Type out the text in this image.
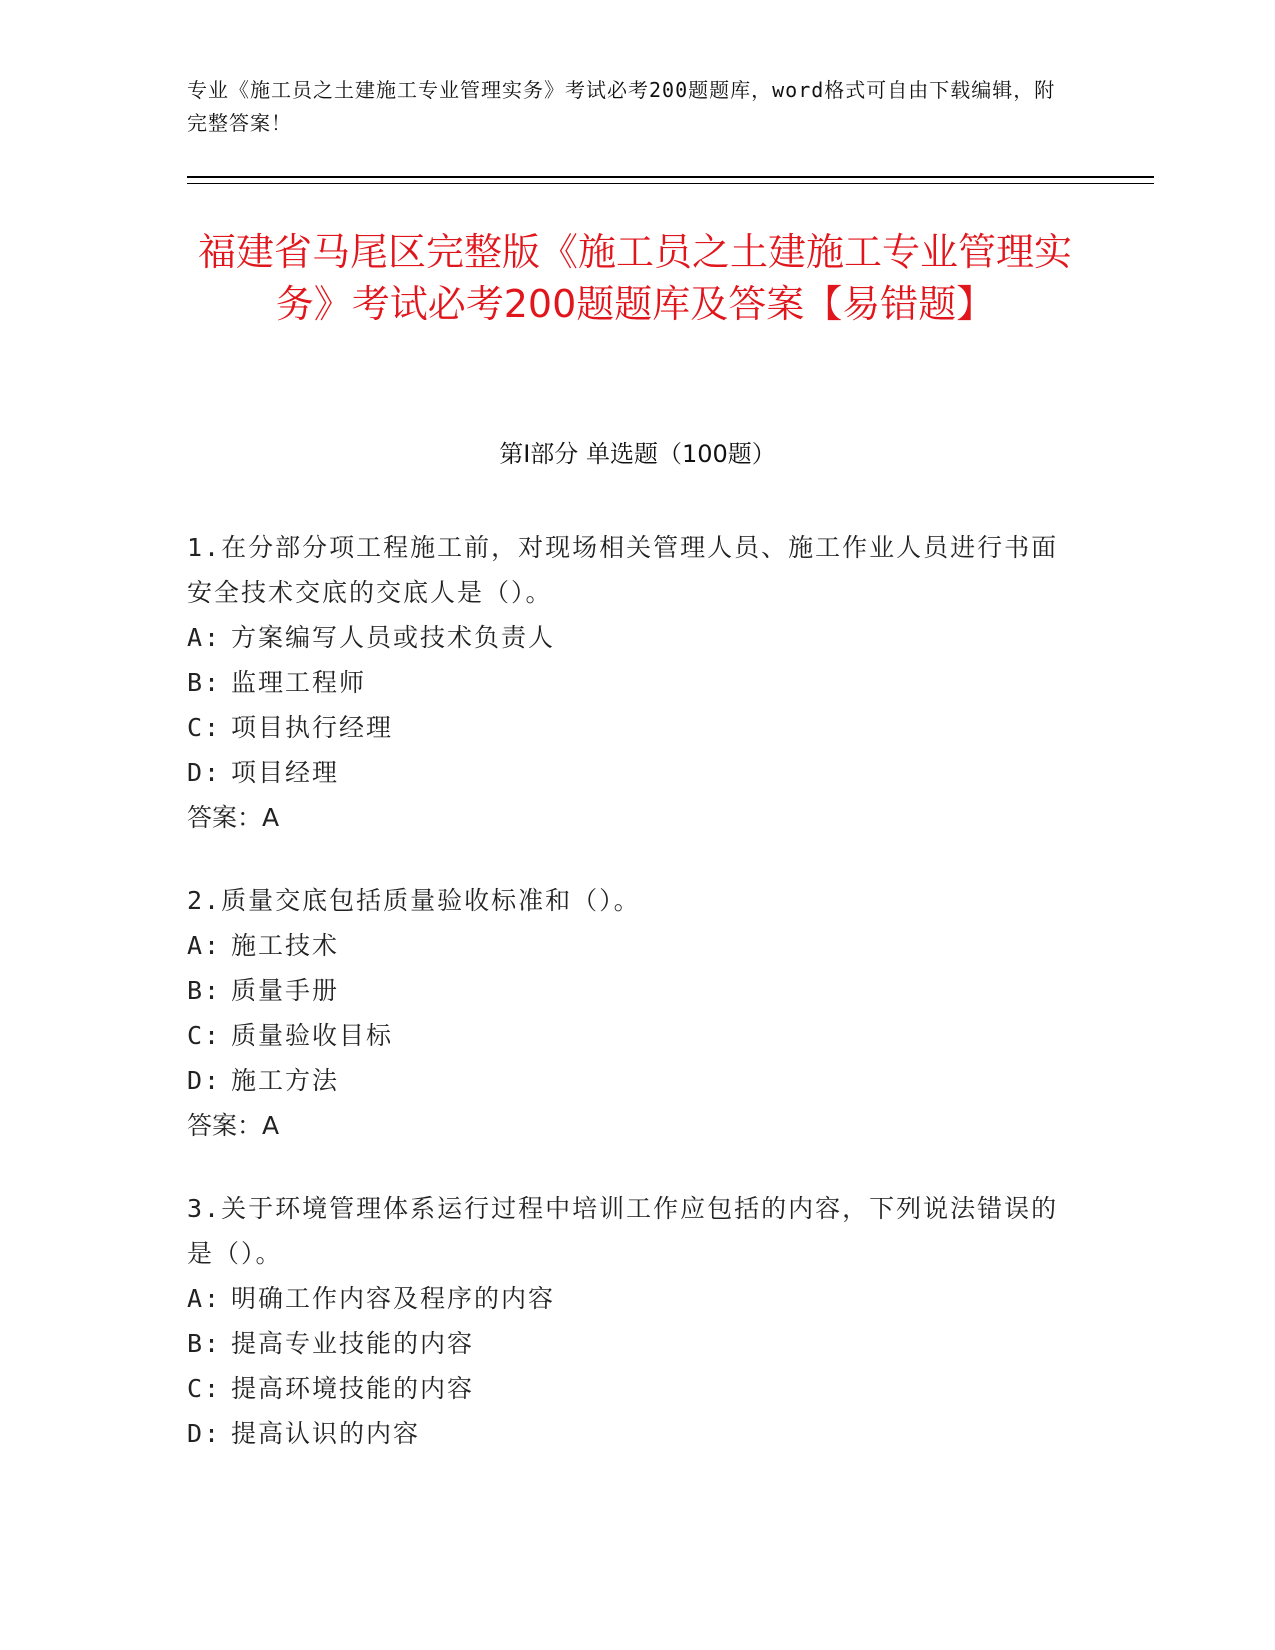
专业《施工员之土建施工专业管理实务》考试必考200题题库，word格式可自由下载编辑，附完整答案！
福建省马尾区完整版《施工员之土建施工专业管理实务》考试必考200题题库及答案【易错题】
第I部分 单选题（100题）

1.在分部分项工程施工前，对现场相关管理人员、施工作业人员进行书面安全技术交底的交底人是（）。

A: 方案编写人员或技术负责人

B: 监理工程师

C: 项目执行经理

D: 项目经理

答案：A

2.质量交底包括质量验收标准和（）。

A: 施工技术

B: 质量手册

C: 质量验收目标

D: 施工方法

答案：A

3.关于环境管理体系运行过程中培训工作应包括的内容，下列说法错误的是（）。

A: 明确工作内容及程序的内容

B: 提高专业技能的内容

C: 提高环境技能的内容

D: 提高认识的内容
